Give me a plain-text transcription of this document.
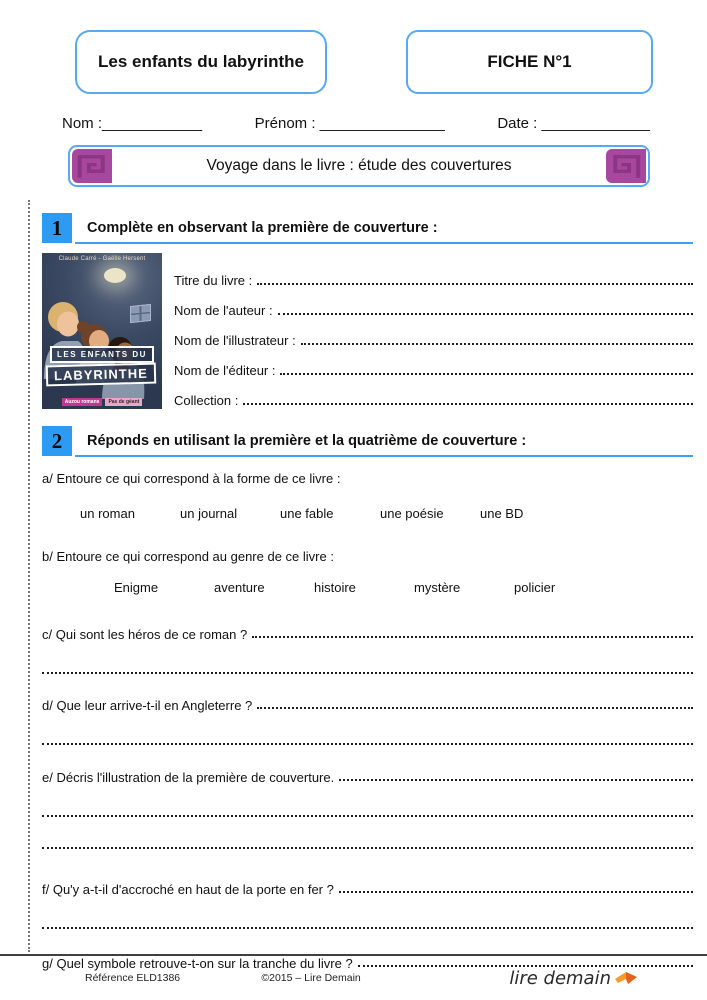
Les enfants du labyrinthe	FICHE N°1
Nom :____________	Prénom : _______________	Date : _____________
Voyage dans le livre : étude des couvertures
1	Complète en observant la première de couverture :
Claude Carré - Gaëlle Hersent
LES ENFANTS DU
LABYRINTHE
Auzou romans	Pas de géant
Titre du livre :
Nom de l'auteur :
Nom de l'illustrateur :
Nom de l'éditeur :
Collection :
2	Réponds en utilisant la première et la quatrième de couverture :
a/ Entoure ce qui correspond à la forme de ce livre :
un roman	un journal	une fable	une poésie	une BD
b/ Entoure ce qui correspond au genre de ce livre :
Enigme	aventure	histoire	mystère	policier
c/ Qui sont les héros de ce roman ?
d/ Que leur arrive-t-il en Angleterre ?
e/ Décris l'illustration de la première de couverture.
f/ Qu'y a-t-il d'accroché en haut de la porte en fer ?
g/ Quel symbole retrouve-t-on sur la tranche du livre ?
Référence ELD1386	©2015 – Lire Demain	lire demain
